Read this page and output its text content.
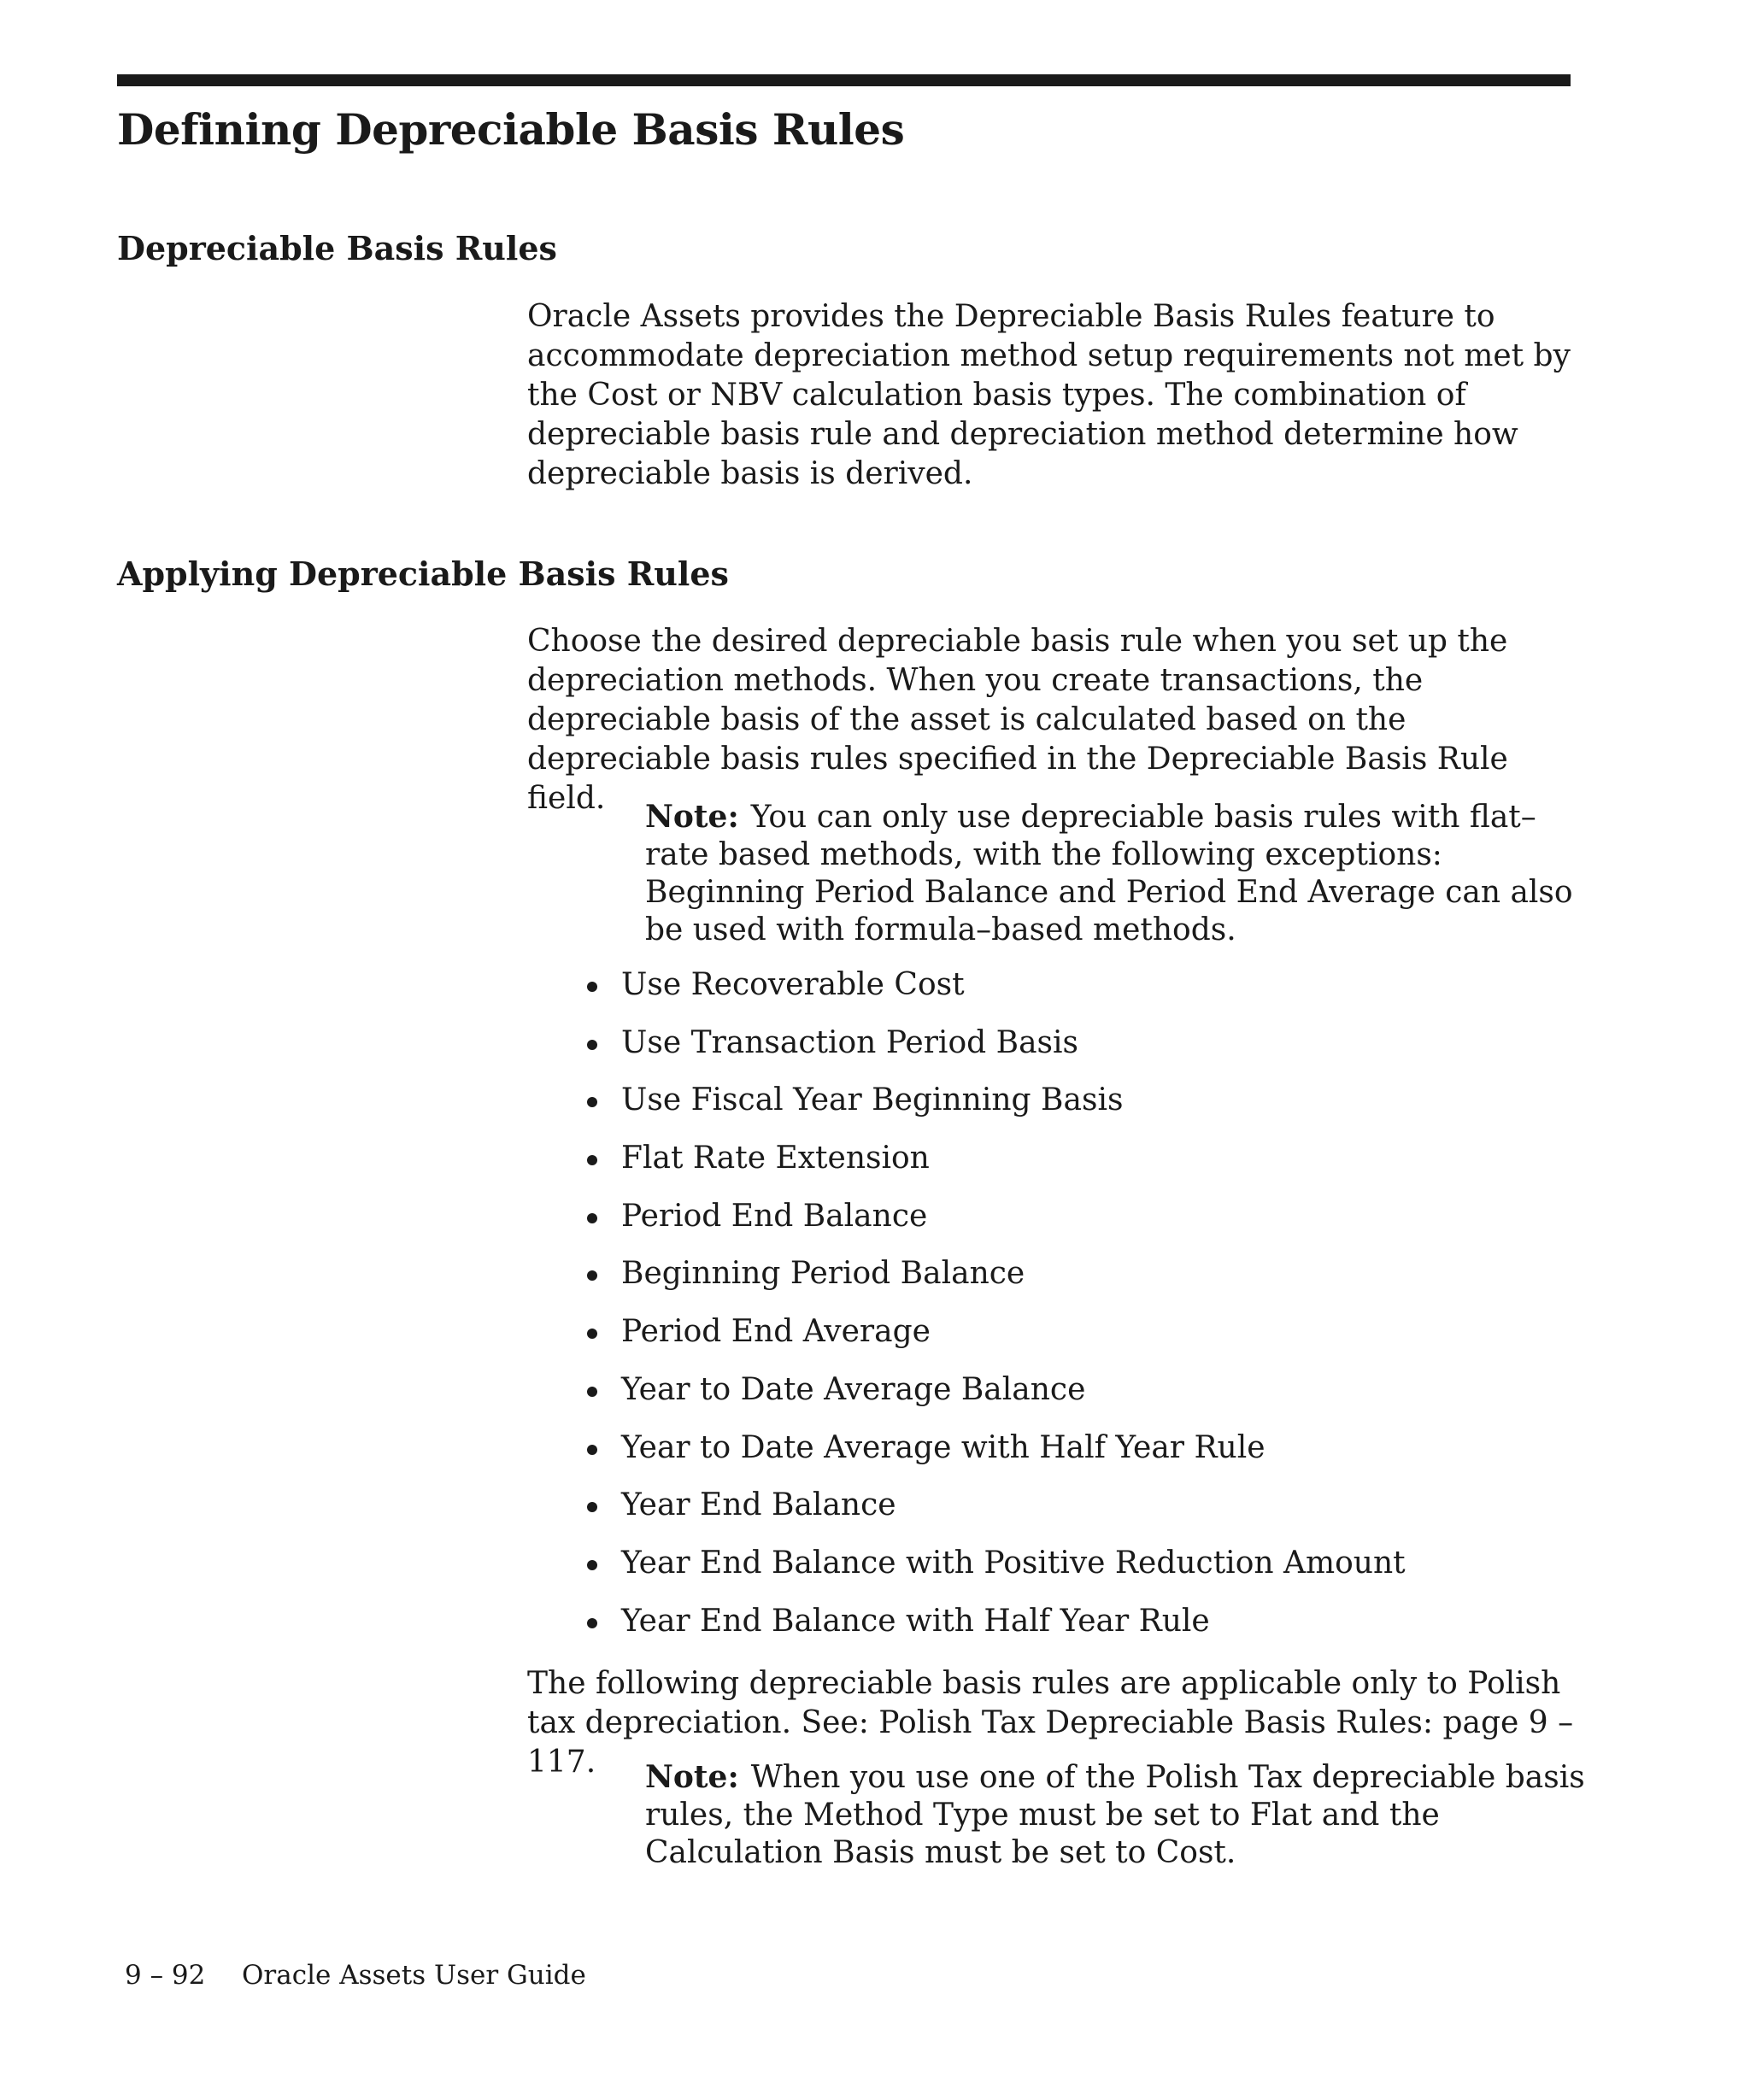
Defining Depreciable Basis Rules
Depreciable Basis Rules

Oracle Assets provides the Depreciable Basis Rules feature to accommodate depreciation method setup requirements not met by the Cost or NBV calculation basis types. The combination of depreciable basis rule and depreciation method determine how depreciable basis is derived.

Applying Depreciable Basis Rules

Choose the desired depreciable basis rule when you set up the depreciation methods. When you create transactions, the depreciable basis of the asset is calculated based on the depreciable basis rules specified in the Depreciable Basis Rule field.

Note: You can only use depreciable basis rules with flat–rate based methods, with the following exceptions: Beginning Period Balance and Period End Average can also be used with formula–based methods.

Use Recoverable Cost
Use Transaction Period Basis
Use Fiscal Year Beginning Basis
Flat Rate Extension
Period End Balance
Beginning Period Balance
Period End Average
Year to Date Average Balance
Year to Date Average with Half Year Rule
Year End Balance
Year End Balance with Positive Reduction Amount
Year End Balance with Half Year Rule

The following depreciable basis rules are applicable only to Polish tax depreciation. See: Polish Tax Depreciable Basis Rules: page 9 – 117.	Note: When you use one of the Polish Tax depreciable basis rules, the Method Type must be set to Flat and the Calculation Basis must be set to Cost.

9 – 92 Oracle Assets User Guide
